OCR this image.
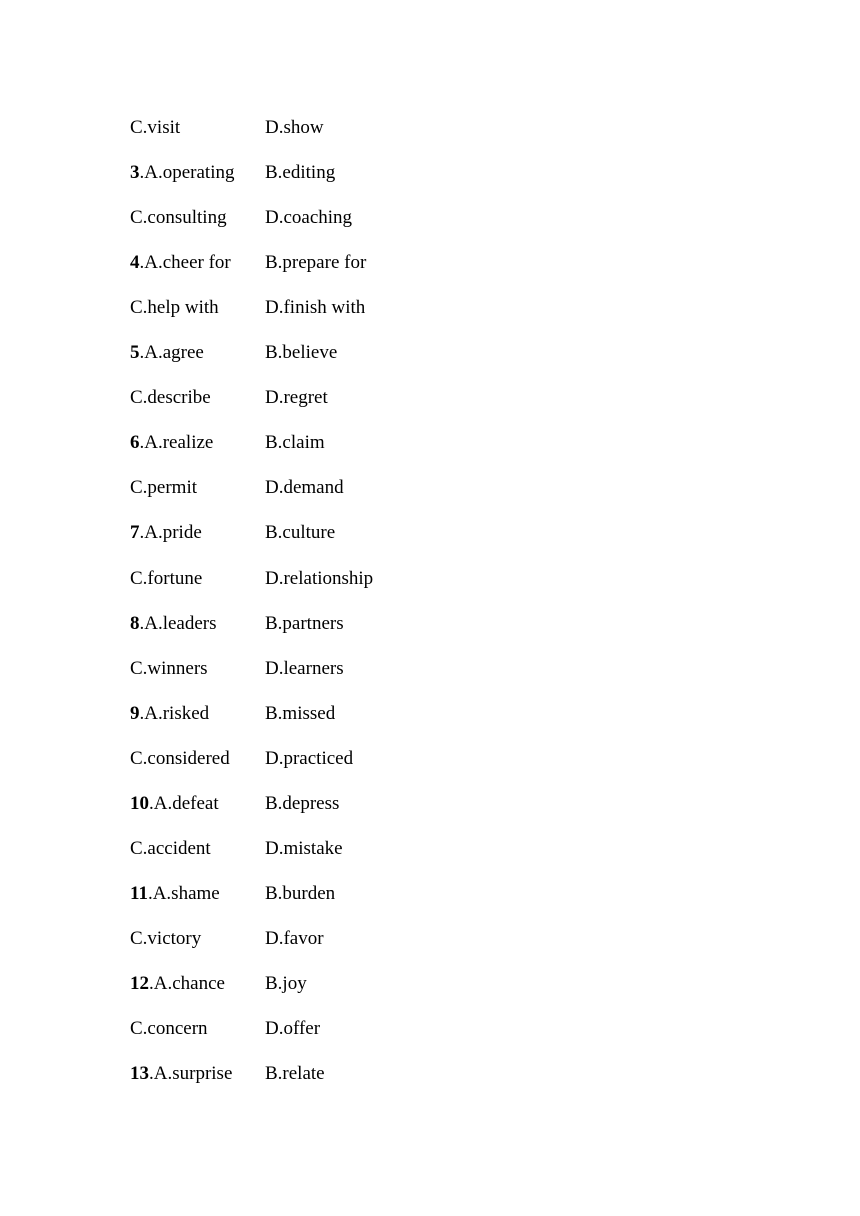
C.visit	D.show
3.A.operating B.editing
C.consulting D.coaching
4.A.cheer for B.prepare for
C.help with D.finish with
5.A.agree	B.believe
C.describe	D.regret
6.A.realize	B.claim
C.permit	D.demand
7.A.pride	B.culture
C.fortune	D.relationship
8.A.leaders	B.partners
C.winners	D.learners
9.A.risked	B.missed
C.considered D.practiced
10.A.defeat B.depress
C.accident	D.mistake
11.A.shame B.burden
C.victory	D.favor
12.A.chance B.joy
C.concern	D.offer
13.A.surprise B.relate
